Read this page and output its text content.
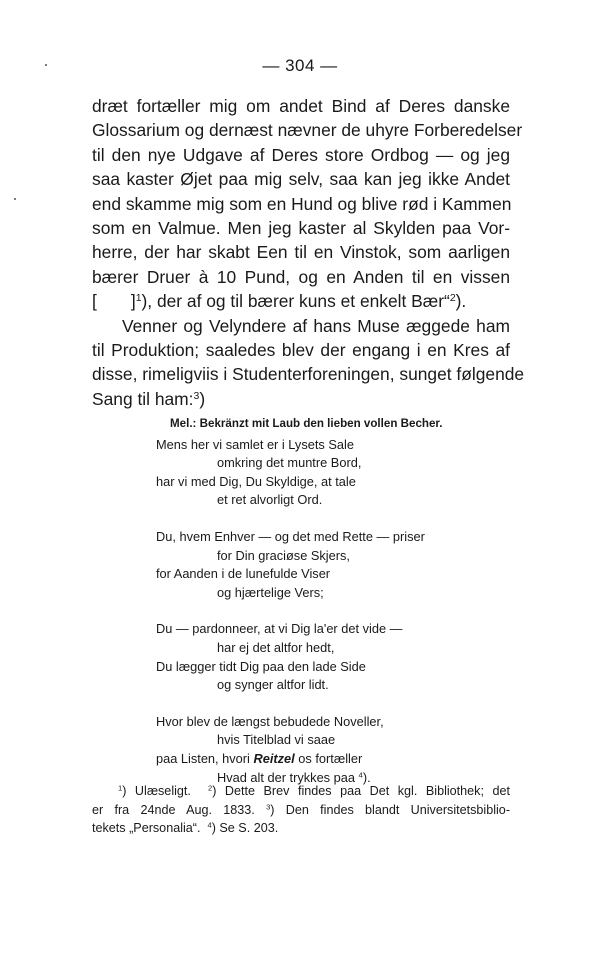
— 304 —
dræt fortæller mig om andet Bind af Deres danske
Glossarium og dernæst nævner de uhyre Forberedelser
til den nye Udgave af Deres store Ordbog — og jeg
saa kaster Øjet paa mig selv, saa kan jeg ikke Andet
end skamme mig som en Hund og blive rød i Kammen
som en Valmue. Men jeg kaster al Skylden paa Vor-
herre, der har skabt Een til en Vinstok, som aarligen
bærer Druer à 10 Pund, og en Anden til en vissen
[ ]$^1$), der af og til bærer kuns et enkelt Bær“$^2$).
Venner og Velyndere af hans Muse æggede ham
til Produktion; saaledes blev der engang i en Kres af
disse, rimeligviis i Studenterforeningen, sunget følgende
Sang til ham:$^3$)
Mel.: Bekränzt mit Laub den lieben vollen Becher.
Mens her vi samlet er i Lysets Sale
omkring det muntre Bord,
har vi med Dig, Du Skyldige, at tale
et ret alvorligt Ord.
Du, hvem Enhver — og det med Rette — priser
for Din graciøse Skjers,
for Aanden i de lunefulde Viser
og hjærtelige Vers;
Du — pardonneer, at vi Dig la'er det vide —
har ej det altfor hedt,
Du lægger tidt Dig paa den lade Side
og synger altfor lidt.
Hvor blev de længst bebudede Noveller,
hvis Titelblad vi saae
paa Listen, hvori Reitzel os fortæller
Hvad alt der trykkes paa $^4$).
$^1$) Ulæseligt. $^2$) Dette Brev findes paa Det kgl. Bibliothek; det
er fra 24nde Aug. 1833. $^3$) Den findes blandt Universitetsbiblio-
tekets „Personalia“. $^4$) Se S. 203.
